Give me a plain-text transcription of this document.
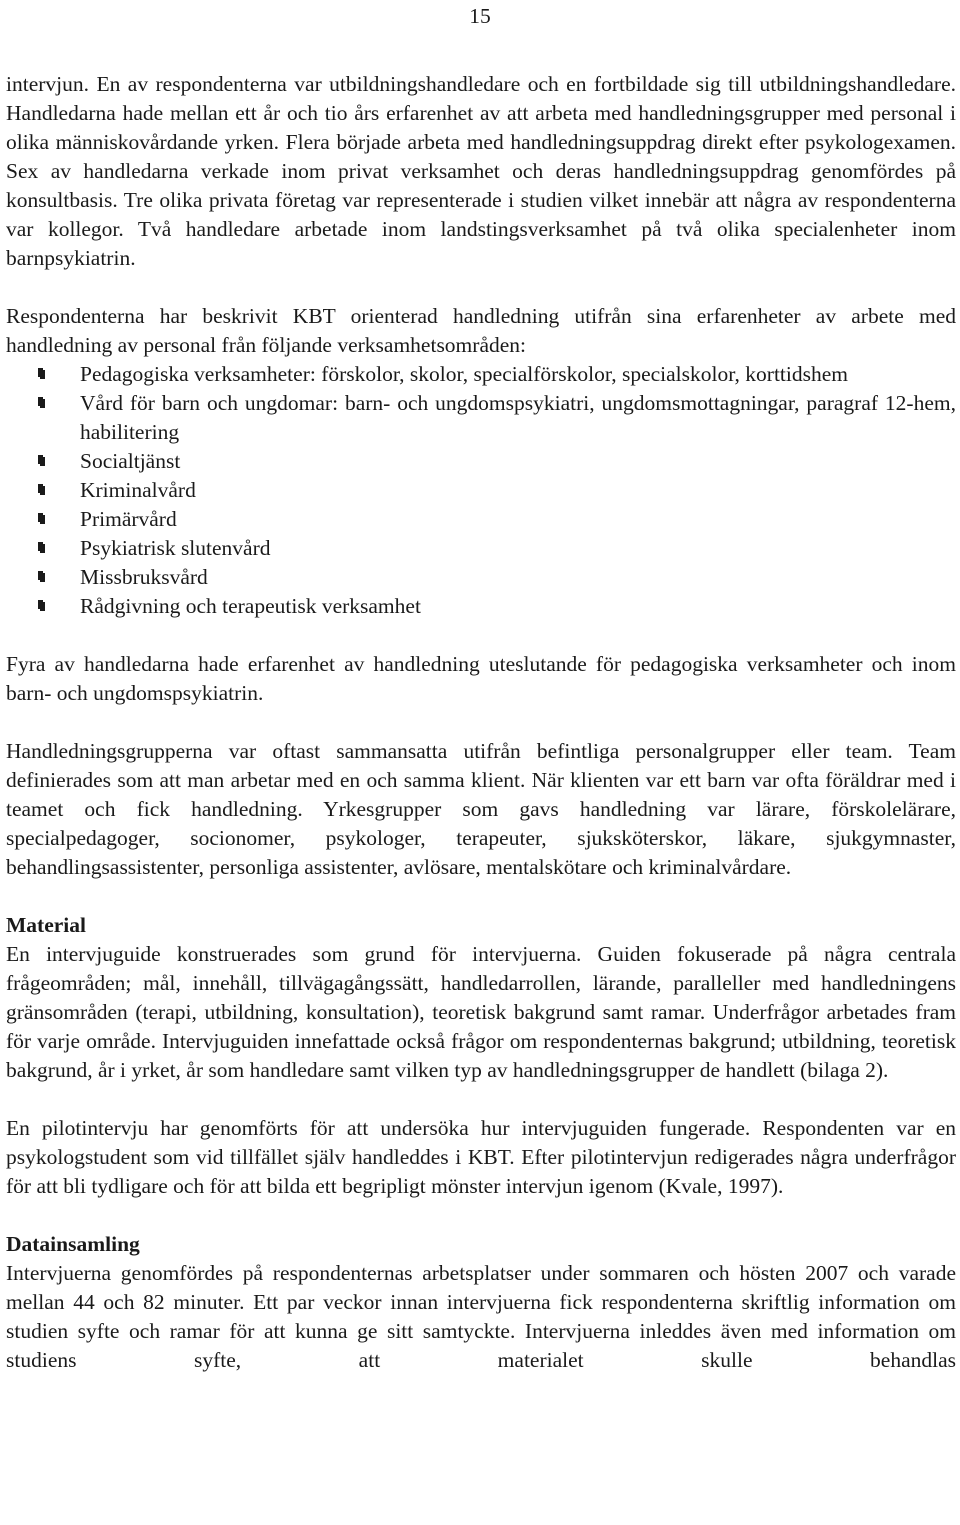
15

intervjun. En av respondenterna var utbildningshandledare och en fortbildade sig till utbildningshandledare. Handledarna hade mellan ett år och tio års erfarenhet av att arbeta med handledningsgrupper med personal i olika människovårdande yrken. Flera började arbeta med handledningsuppdrag direkt efter psykologexamen. Sex av handledarna verkade inom privat verksamhet och deras handledningsuppdrag genomfördes på konsultbasis. Tre olika privata företag var representerade i studien vilket innebär att några av respondenterna var kollegor. Två handledare arbetade inom landstingsverksamhet på två olika specialenheter inom barnpsykiatrin.

Respondenterna har beskrivit KBT orienterad handledning utifrån sina erfarenheter av arbete med handledning av personal från följande verksamhetsområden:

Pedagogiska verksamheter: förskolor, skolor, specialförskolor, specialskolor, korttidshem
Vård för barn och ungdomar: barn- och ungdomspsykiatri, ungdomsmottagningar, paragraf 12-hem, habilitering
Socialtjänst
Kriminalvård
Primärvård
Psykiatrisk slutenvård
Missbruksvård
Rådgivning och terapeutisk verksamhet

Fyra av handledarna hade erfarenhet av handledning uteslutande för pedagogiska verksamheter och inom barn- och ungdomspsykiatrin.

Handledningsgrupperna var oftast sammansatta utifrån befintliga personalgrupper eller team. Team definierades som att man arbetar med en och samma klient. När klienten var ett barn var ofta föräldrar med i teamet och fick handledning. Yrkesgrupper som gavs handledning var lärare, förskolelärare, specialpedagoger, socionomer, psykologer, terapeuter, sjuksköterskor, läkare, sjukgymnaster, behandlingsassistenter, personliga assistenter, avlösare, mentalskötare och kriminalvårdare.

Material

En intervjuguide konstruerades som grund för intervjuerna. Guiden fokuserade på några centrala frågeområden; mål, innehåll, tillvägagångssätt, handledarrollen, lärande, paralleller med handledningens gränsområden (terapi, utbildning, konsultation), teoretisk bakgrund samt ramar. Underfrågor arbetades fram för varje område. Intervjuguiden innefattade också frågor om respondenternas bakgrund; utbildning, teoretisk bakgrund, år i yrket, år som handledare samt vilken typ av handledningsgrupper de handlett (bilaga 2).

En pilotintervju har genomförts för att undersöka hur intervjuguiden fungerade. Respondenten var en psykologstudent som vid tillfället själv handleddes i KBT. Efter pilotintervjun redigerades några underfrågor för att bli tydligare och för att bilda ett begripligt mönster intervjun igenom (Kvale, 1997).

Datainsamling

Intervjuerna genomfördes på respondenternas arbetsplatser under sommaren och hösten 2007 och varade mellan 44 och 82 minuter. Ett par veckor innan intervjuerna fick respondenterna skriftlig information om studien syfte och ramar för att kunna ge sitt samtyckte. Intervjuerna inleddes även med information om studiens syfte, att materialet skulle behandlas
